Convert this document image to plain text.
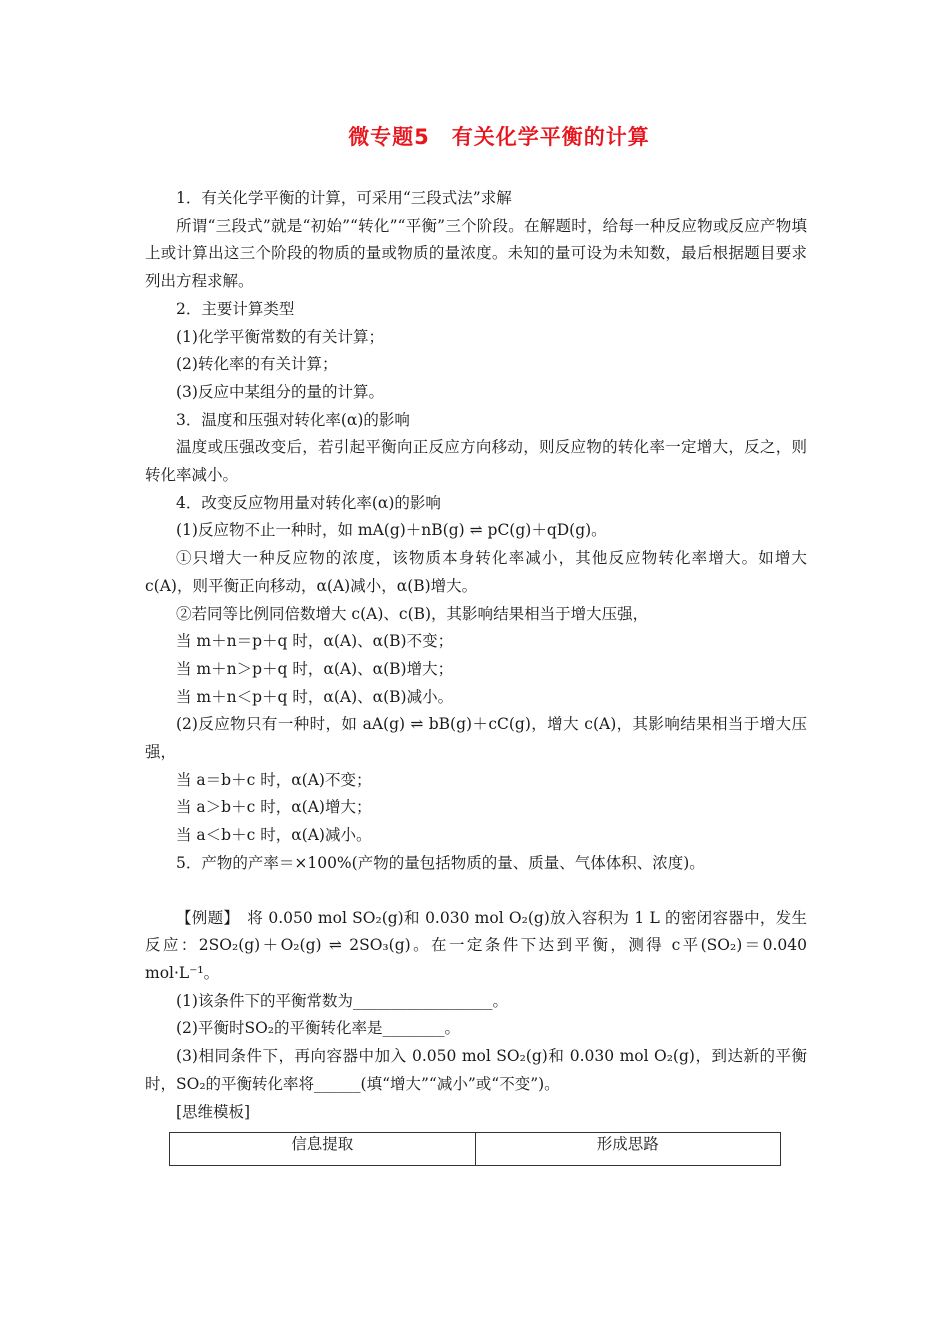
微专题5　有关化学平衡的计算

1．有关化学平衡的计算，可采用“三段式法”求解

所谓“三段式”就是“初始”“转化”“平衡”三个阶段。在解题时，给每一种反应物或反应产物填上或计算出这三个阶段的物质的量或物质的量浓度。未知的量可设为未知数，最后根据题目要求列出方程求解。

2．主要计算类型

(1)化学平衡常数的有关计算；

(2)转化率的有关计算；

(3)反应中某组分的量的计算。

3．温度和压强对转化率(α)的影响

温度或压强改变后，若引起平衡向正反应方向移动，则反应物的转化率一定增大，反之，则转化率减小。

4．改变反应物用量对转化率(α)的影响

(1)反应物不止一种时，如 mA(g)＋nB(g) ⇌ pC(g)＋qD(g)。

①只增大一种反应物的浓度，该物质本身转化率减小，其他反应物转化率增大。如增大 c(A)，则平衡正向移动，α(A)减小，α(B)增大。

②若同等比例同倍数增大 c(A)、c(B)，其影响结果相当于增大压强，

当 m＋n＝p＋q 时，α(A)、α(B)不变；

当 m＋n＞p＋q 时，α(A)、α(B)增大；

当 m＋n＜p＋q 时，α(A)、α(B)减小。

(2)反应物只有一种时，如 aA(g) ⇌ bB(g)＋cC(g)，增大 c(A)，其影响结果相当于增大压强，

当 a＝b＋c 时，α(A)不变；

当 a＞b＋c 时，α(A)增大；

当 a＜b＋c 时，α(A)减小。

5．产物的产率＝×100%(产物的量包括物质的量、质量、气体体积、浓度)。

【例题】　将 0.050 mol SO₂(g)和 0.030 mol O₂(g)放入容积为 1 L 的密闭容器中，发生反应：2SO₂(g)＋O₂(g) ⇌ 2SO₃(g)。在一定条件下达到平衡，测得 c平(SO₂)＝0.040 mol·L⁻¹。

(1)该条件下的平衡常数为__________________。

(2)平衡时SO₂的平衡转化率是________。

(3)相同条件下，再向容器中加入 0.050 mol SO₂(g)和 0.030 mol O₂(g)，到达新的平衡时，SO₂的平衡转化率将______(填“增大”“减小”或“不变”)。

[思维模板]

信息提取	形成思路
